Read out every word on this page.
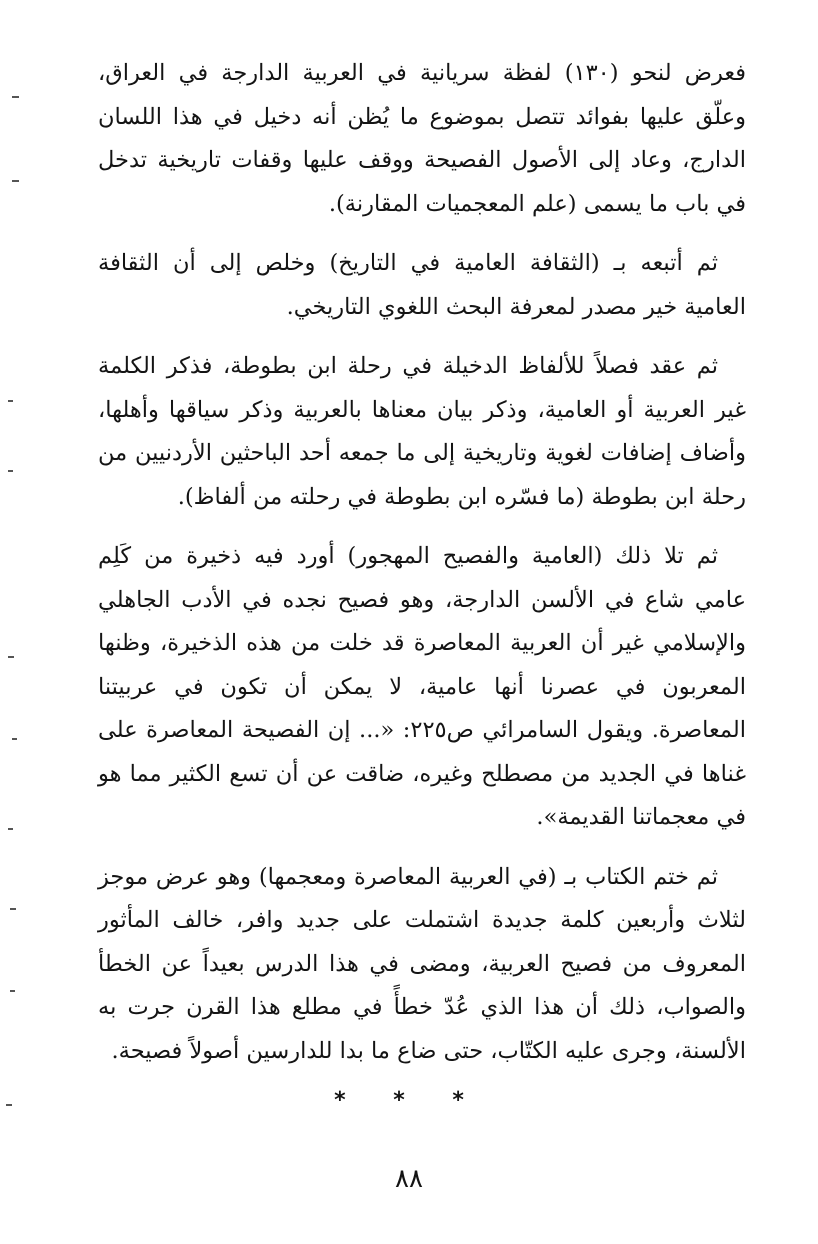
فعرض لنحو (١٣٠) لفظة سريانية في العربية الدارجة في العراق، وعلّق عليها بفوائد تتصل بموضوع ما يُظن أنه دخيل في هذا اللسان الدارج، وعاد إلى الأصول الفصيحة ووقف عليها وقفات تاريخية تدخل في باب ما يسمى (علم المعجميات المقارنة).

ثم أتبعه بـ (الثقافة العامية في التاريخ) وخلص إلى أن الثقافة العامية خير مصدر لمعرفة البحث اللغوي التاريخي.

ثم عقد فصلاً للألفاظ الدخيلة في رحلة ابن بطوطة، فذكر الكلمة غير العربية أو العامية، وذكر بيان معناها بالعربية وذكر سياقها وأهلها، وأضاف إضافات لغوية وتاريخية إلى ما جمعه أحد الباحثين الأردنيين من رحلة ابن بطوطة (ما فسّره ابن بطوطة في رحلته من ألفاظ).

ثم تلا ذلك (العامية والفصيح المهجور) أورد فيه ذخيرة من كَلِم عامي شاع في الألسن الدارجة، وهو فصيح نجده في الأدب الجاهلي والإسلامي غير أن العربية المعاصرة قد خلت من هذه الذخيرة، وظنها المعربون في عصرنا أنها عامية، لا يمكن أن تكون في عربيتنا المعاصرة. ويقول السامرائي ص٢٢٥: «... إن الفصيحة المعاصرة على غناها في الجديد من مصطلح وغيره، ضاقت عن أن تسع الكثير مما هو في معجماتنا القديمة».

ثم ختم الكتاب بـ (في العربية المعاصرة ومعجمها) وهو عرض موجز لثلاث وأربعين كلمة جديدة اشتملت على جديد وافر، خالف المأثور المعروف من فصيح العربية، ومضى في هذا الدرس بعيداً عن الخطأ والصواب، ذلك أن هذا الذي عُدّ خطأً في مطلع هذا القرن جرت به الألسنة، وجرى عليه الكتّاب، حتى ضاع ما بدا للدارسين أصولاً فصيحة.

* * *
٨٨
